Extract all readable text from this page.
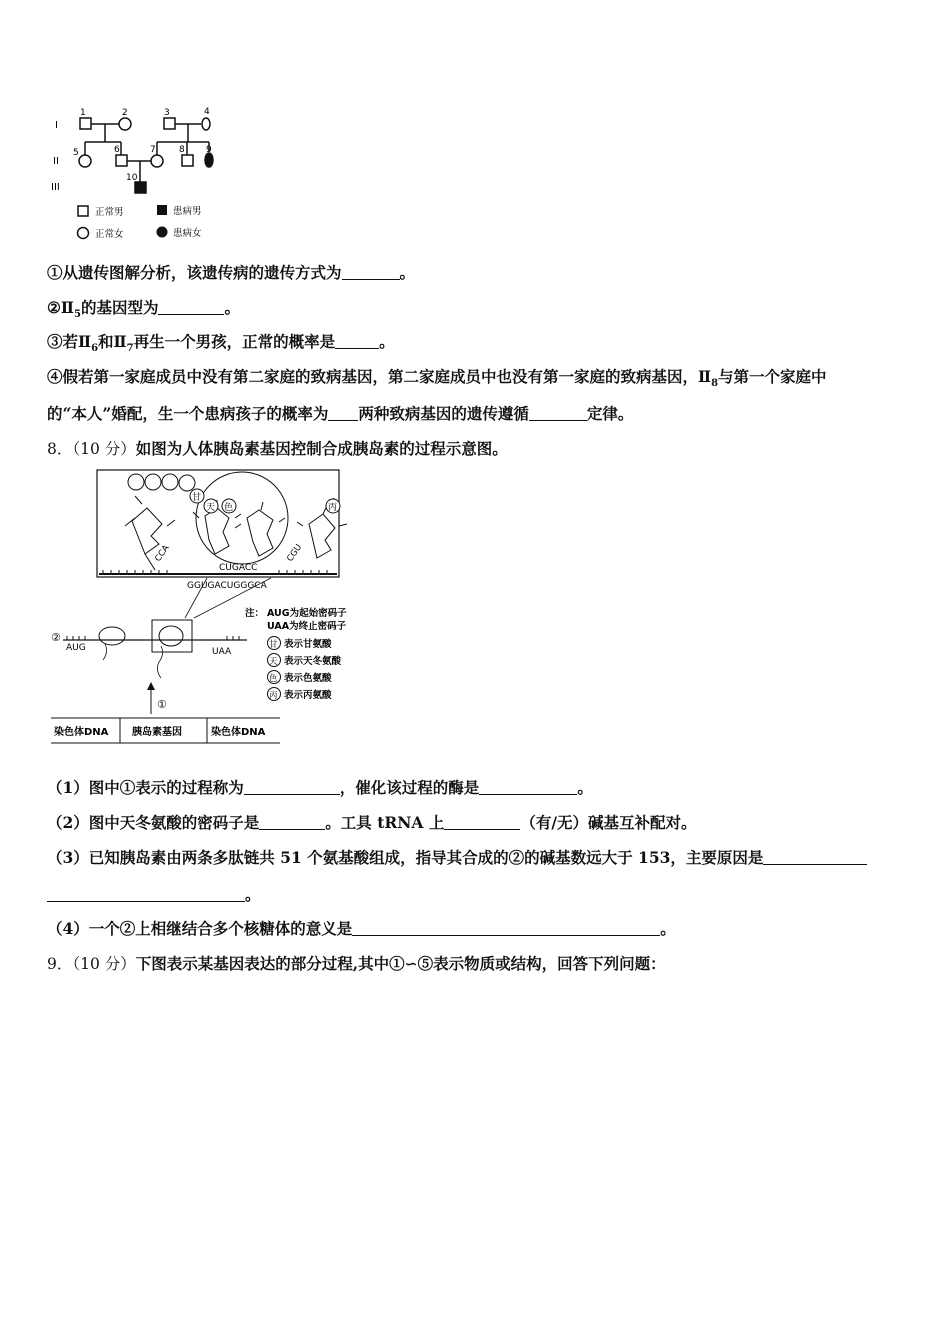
I
II
III
1	2	3	4
5	6	7	8 9
10
正常男	患病男
正常女	患病女
①从遗传图解分析，该遗传病的遗传方式为	。
$②Ⅱ_5$的基因型为	。
③若$Ⅱ_6$和$Ⅱ_7$再生一个男孩，正常的概率是	。
④假若第一家庭成员中没有第二家庭的致病基因，第二家庭成员中也没有第一家庭的致病基因，$Ⅱ_8$与第一个家庭中
的“本人”婚配，生一个患病孩子的概率为 两种致病基因的遗传遵循	定律。
8．（10 分）如图为人体胰岛素基因控制合成胰岛素的过程示意图。
甘
天 色	丙
CCA	CGU
CUGACC
GGUGACUGGGCA
注： AUG为起始密码子
UAA为终止密码子
甘 表示甘氨酸
天 表示天冬氨酸
色 表示色氨酸
丙 表示丙氨酸
②
AUG	UAA
①
染色体DNA 胰岛素基因	染色体DNA
（1）图中①表示的过程称为	，催化该过程的酶是	。
（2）图中天冬氨酸的密码子是	。工具 tRNA 上	（有/无）碱基互补配对。
（3）已知胰岛素由两条多肽链共 51 个氨基酸组成，指导其合成的②的碱基数远大于 153，主要原因是
。
（4）一个②上相继结合多个核糖体的意义是	。
9．（10 分）下图表示某基因表达的部分过程,其中①∽⑤表示物质或结构，回答下列问题：
